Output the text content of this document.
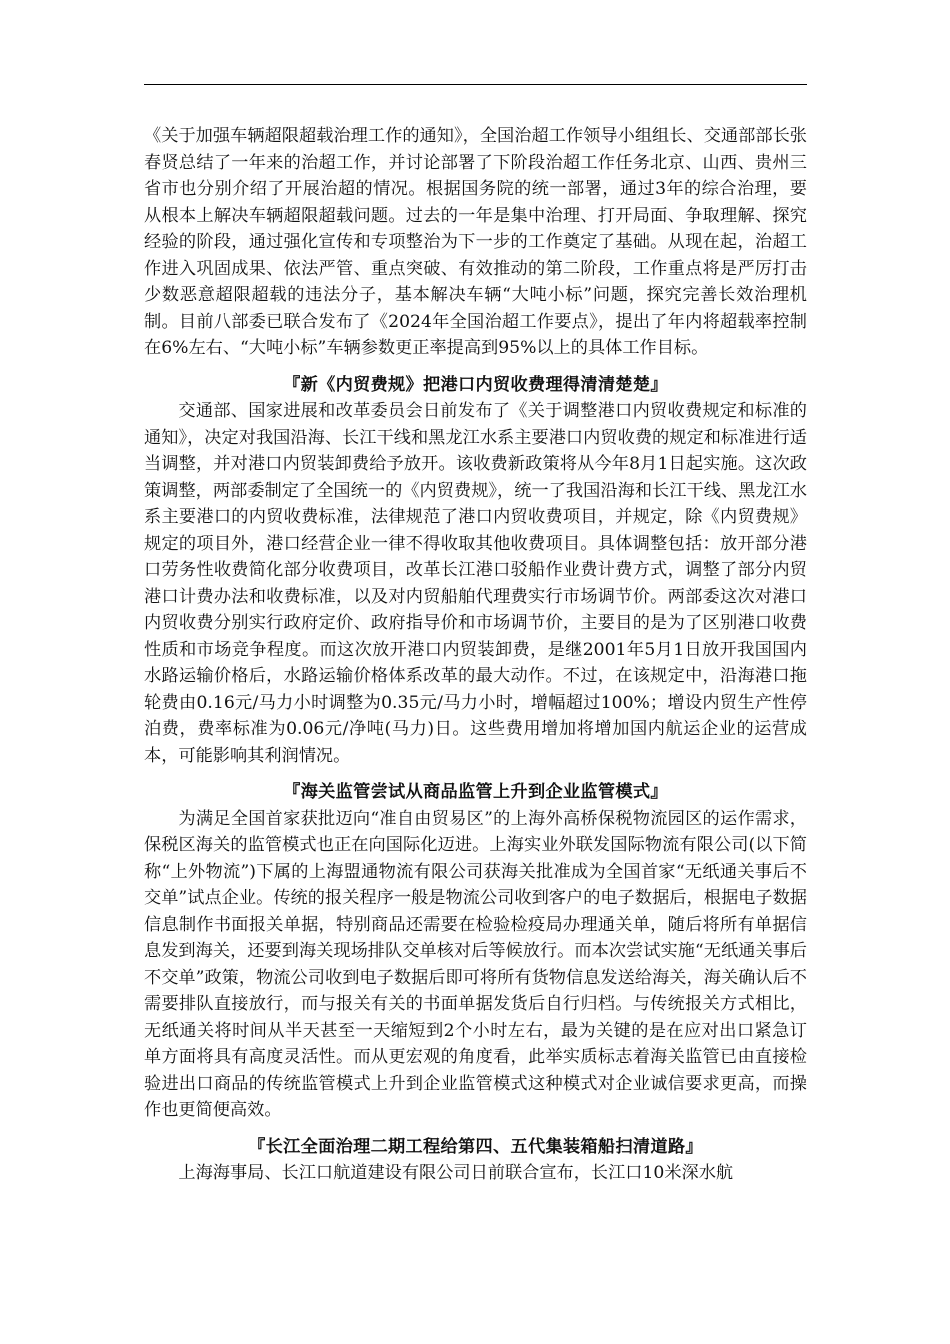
《关于加强车辆超限超载治理工作的通知》，全国治超工作领导小组组长、交通部部长张春贤总结了一年来的治超工作，并讨论部署了下阶段治超工作任务北京、山西、贵州三省市也分别介绍了开展治超的情况。根据国务院的统一部署，通过3年的综合治理，要从根本上解决车辆超限超载问题。过去的一年是集中治理、打开局面、争取理解、探究经验的阶段，通过强化宣传和专项整治为下一步的工作奠定了基础。从现在起，治超工作进入巩固成果、依法严管、重点突破、有效推动的第二阶段，工作重点将是严厉打击少数恶意超限超载的违法分子，基本解决车辆“大吨小标”问题，探究完善长效治理机制。目前八部委已联合发布了《2024年全国治超工作要点》，提出了年内将超载率控制在6%左右、“大吨小标”车辆参数更正率提高到95%以上的具体工作目标。

『新《内贸费规》把港口内贸收费理得清清楚楚』

交通部、国家进展和改革委员会日前发布了《关于调整港口内贸收费规定和标准的通知》，决定对我国沿海、长江干线和黑龙江水系主要港口内贸收费的规定和标准进行适当调整，并对港口内贸装卸费给予放开。该收费新政策将从今年8月1日起实施。这次政策调整，两部委制定了全国统一的《内贸费规》，统一了我国沿海和长江干线、黑龙江水系主要港口的内贸收费标准，法律规范了港口内贸收费项目，并规定，除《内贸费规》规定的项目外，港口经营企业一律不得收取其他收费项目。具体调整包括：放开部分港口劳务性收费简化部分收费项目，改革长江港口驳船作业费计费方式，调整了部分内贸港口计费办法和收费标准，以及对内贸船舶代理费实行市场调节价。两部委这次对港口内贸收费分别实行政府定价、政府指导价和市场调节价，主要目的是为了区别港口收费性质和市场竞争程度。而这次放开港口内贸装卸费，是继2001年5月1日放开我国国内水路运输价格后，水路运输价格体系改革的最大动作。不过，在该规定中，沿海港口拖轮费由0.16元/马力小时调整为0.35元/马力小时，增幅超过100%；增设内贸生产性停泊费，费率标准为0.06元/净吨(马力)日。这些费用增加将增加国内航运企业的运营成本，可能影响其利润情况。

『海关监管尝试从商品监管上升到企业监管模式』

为满足全国首家获批迈向“准自由贸易区”的上海外高桥保税物流园区的运作需求，保税区海关的监管模式也正在向国际化迈进。上海实业外联发国际物流有限公司(以下简称“上外物流”)下属的上海盟通物流有限公司获海关批准成为全国首家“无纸通关事后不交单”试点企业。传统的报关程序一般是物流公司收到客户的电子数据后，根据电子数据信息制作书面报关单据，特别商品还需要在检验检疫局办理通关单，随后将所有单据信息发到海关，还要到海关现场排队交单核对后等候放行。而本次尝试实施“无纸通关事后不交单”政策，物流公司收到电子数据后即可将所有货物信息发送给海关，海关确认后不需要排队直接放行，而与报关有关的书面单据发货后自行归档。与传统报关方式相比，无纸通关将时间从半天甚至一天缩短到2个小时左右，最为关键的是在应对出口紧急订单方面将具有高度灵活性。而从更宏观的角度看，此举实质标志着海关监管已由直接检验进出口商品的传统监管模式上升到企业监管模式这种模式对企业诚信要求更高，而操作也更简便高效。

『长江全面治理二期工程给第四、五代集装箱船扫清道路』

上海海事局、长江口航道建设有限公司日前联合宣布，长江口10米深水航
